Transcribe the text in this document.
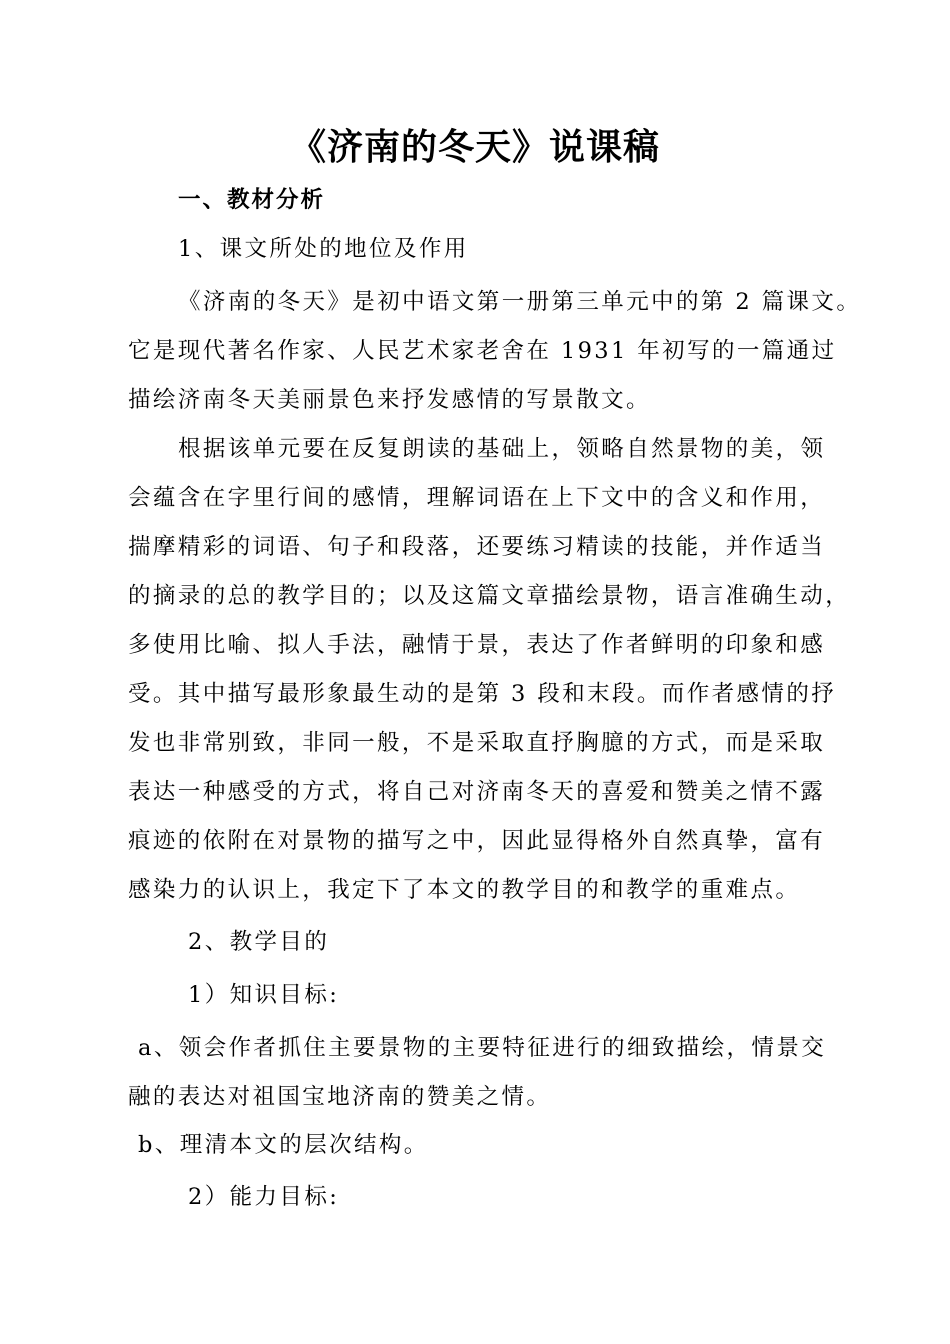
《济南的冬天》说课稿
一、教材分析
1、课文所处的地位及作用
《济南的冬天》是初中语文第一册第三单元中的第 2 篇课文。
它是现代著名作家、人民艺术家老舍在 1931 年初写的一篇通过
描绘济南冬天美丽景色来抒发感情的写景散文。
根据该单元要在反复朗读的基础上，领略自然景物的美，领
会蕴含在字里行间的感情，理解词语在上下文中的含义和作用，
揣摩精彩的词语、句子和段落，还要练习精读的技能，并作适当
的摘录的总的教学目的；以及这篇文章描绘景物，语言准确生动，
多使用比喻、拟人手法，融情于景，表达了作者鲜明的印象和感
受。其中描写最形象最生动的是第 3 段和末段。而作者感情的抒
发也非常别致，非同一般，不是采取直抒胸臆的方式，而是采取
表达一种感受的方式，将自己对济南冬天的喜爱和赞美之情不露
痕迹的依附在对景物的描写之中，因此显得格外自然真挚，富有
感染力的认识上，我定下了本文的教学目的和教学的重难点。
2、教学目的
1）知识目标:
a、领会作者抓住主要景物的主要特征进行的细致描绘，情景交
融的表达对祖国宝地济南的赞美之情。
b、理清本文的层次结构。
2）能力目标:
